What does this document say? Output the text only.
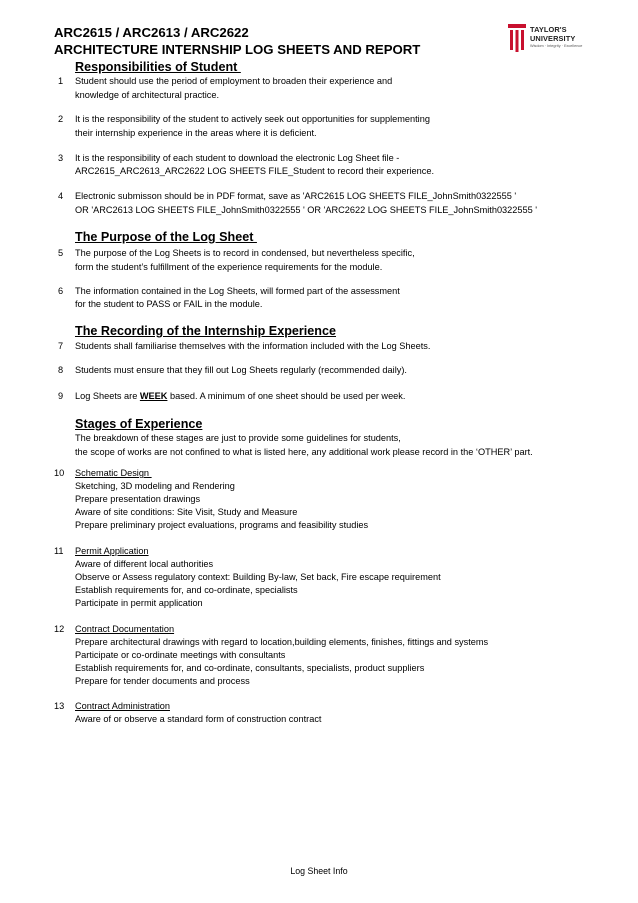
ARC2615 / ARC2613 / ARC2622
ARCHITECTURE INTERNSHIP LOG SHEETS AND REPORT
TAYLOR'S
UNIVERSITY
Wisdom · Integrity · Excellence
Responsibilities of Student
1 Student should use the period of employment to broaden their experience and
knowledge of architectural practice.
2 It is the responsibility of the student to actively seek out opportunities for supplementing
their internship experience in the areas where it is deficient.
3 It is the responsibility of each student to download the electronic Log Sheet file -
ARC2615_ARC2613_ARC2622 LOG SHEETS FILE_Student to record their experience.
4 Electronic submisson should be in PDF format, save as 'ARC2615 LOG SHEETS FILE_JohnSmith0322555 '
OR 'ARC2613 LOG SHEETS FILE_JohnSmith0322555 ' OR 'ARC2622 LOG SHEETS FILE_JohnSmith0322555 '
The Purpose of the Log Sheet
5 The purpose of the Log Sheets is to record in condensed, but nevertheless specific,
form the student’s fulfillment of the experience requirements for the module.
6 The information contained in the Log Sheets, will formed part of the assessment
for the student to PASS or FAIL in the module.
The Recording of the Internship Experience
7 Students shall familiarise themselves with the information included with the Log Sheets.
8 Students must ensure that they fill out Log Sheets regularly (recommended daily).
9 Log Sheets are WEEK based. A minimum of one sheet should be used per week.
Stages of Experience
The breakdown of these stages are just to provide some guidelines for students,
the scope of works are not confined to what is listed here, any additional work please record in the ‘OTHER’ part.
10 Schematic Design
Sketching, 3D modeling and Rendering
Prepare presentation drawings
Aware of site conditions: Site Visit, Study and Measure
Prepare preliminary project evaluations, programs and feasibility studies
11 Permit Application
Aware of different local authorities
Observe or Assess regulatory context: Building By-law, Set back, Fire escape requirement
Establish requirements for, and co-ordinate, specialists
Participate in permit application
12 Contract Documentation
Prepare architectural drawings with regard to location,building elements, finishes, fittings and systems
Participate or co-ordinate meetings with consultants
Establish requirements for, and co-ordinate, consultants, specialists, product suppliers
Prepare for tender documents and process
13 Contract Administration
Aware of or observe a standard form of construction contract
Log Sheet Info
